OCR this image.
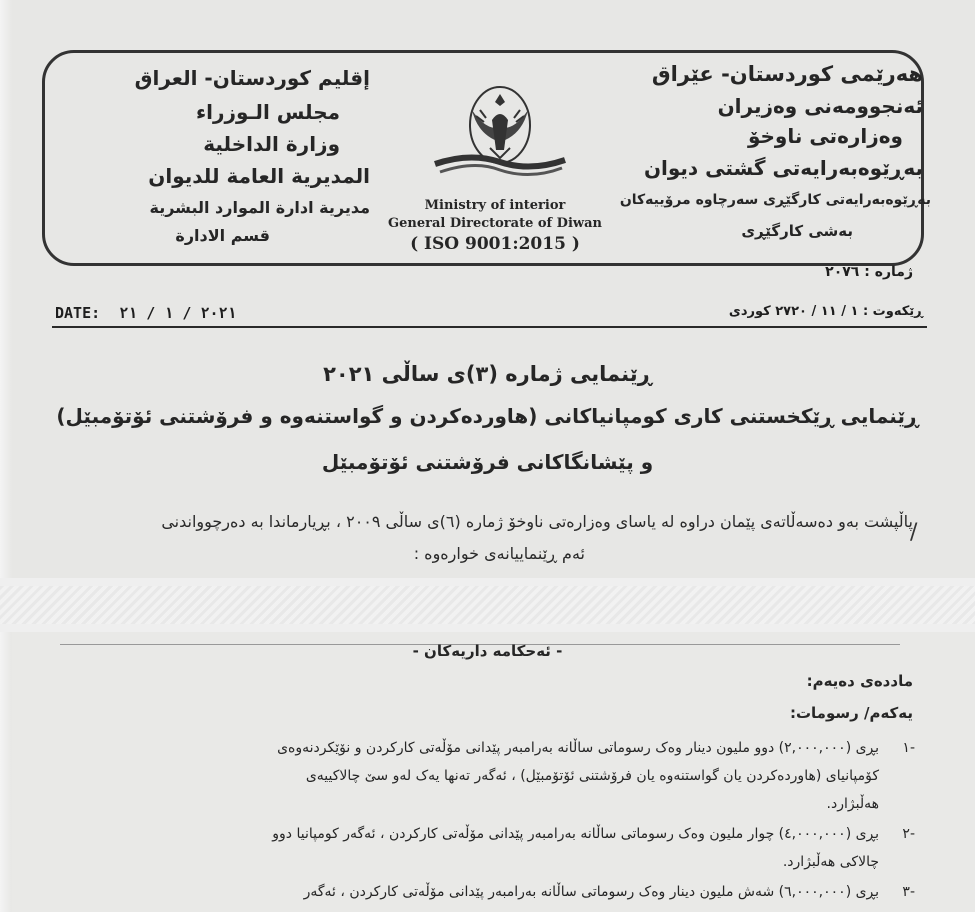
هەرێمی کوردستان- عێراق
ئەنجوومەنی وەزیران
وەزارەتی ناوخۆ
بەڕێوەبەرایەتی گشتی دیوان
بەڕێوەبەرایەتی کارگێڕی سەرچاوە مرۆییەکان
بەشی کارگێڕی
إقليم كوردستان- العراق
مجلس الـوزراء
وزارة الداخلية
المديرية العامة للديوان
مديرية ادارة الموارد البشرية
قسم الادارة
Ministry of interior
General Directorate of Diwan
( ISO 9001:2015 )
ژمارە : ٢٠٧٦
DATE: ٢٠٢١ / ١ / ٢١	ڕێکەوت : ١ / ١١ / ٢٧٢٠ کوردی
ڕێنمایی ژمارە (٣)ی ساڵی ٢٠٢١
ڕێنمایی ڕێکخستنی کاری کومپانیاکانی (هاوردەکردن و گواستنەوە و فرۆشتنی ئۆتۆمبێل)
و پێشانگاکانی فرۆشتنی ئۆتۆمبێل
پاڵپشت بەو دەسەڵاتەی پێمان دراوە لە یاسای وەزارەتی ناوخۆ ژمارە (٦)ی ساڵی ٢٠٠٩ ، بڕیارماندا بە دەرچوواندنی
ئەم ڕێنماییانەی خوارەوە :
/
- ئەحکامە داریەکان -
ماددەی دەیەم:
یەکەم/ رسومات:
-١
بڕی (٢,٠٠٠,٠٠٠) دوو ملیون دینار وەک رسوماتی ساڵانە بەرامبەر پێدانی مۆڵەتی کارکردن و نۆێکردنەوەی
کۆمپانیای (هاوردەکردن یان گواستنەوە یان فرۆشتنی ئۆتۆمبێل) ، ئەگەر تەنها یەک لەو سێ چالاکییەی
هەڵبژارد.
-٢
بڕی (٤,٠٠٠,٠٠٠) چوار ملیون وەک رسوماتی ساڵانە بەرامبەر پێدانی مۆڵەتی کارکردن ، ئەگەر کومپانیا دوو
چالاکی هەڵبژارد.
-٣
بڕی (٦,٠٠٠,٠٠٠) شەش ملیون دینار وەک رسوماتی ساڵانە بەرامبەر پێدانی مۆڵەتی کارکردن ، ئەگەر
